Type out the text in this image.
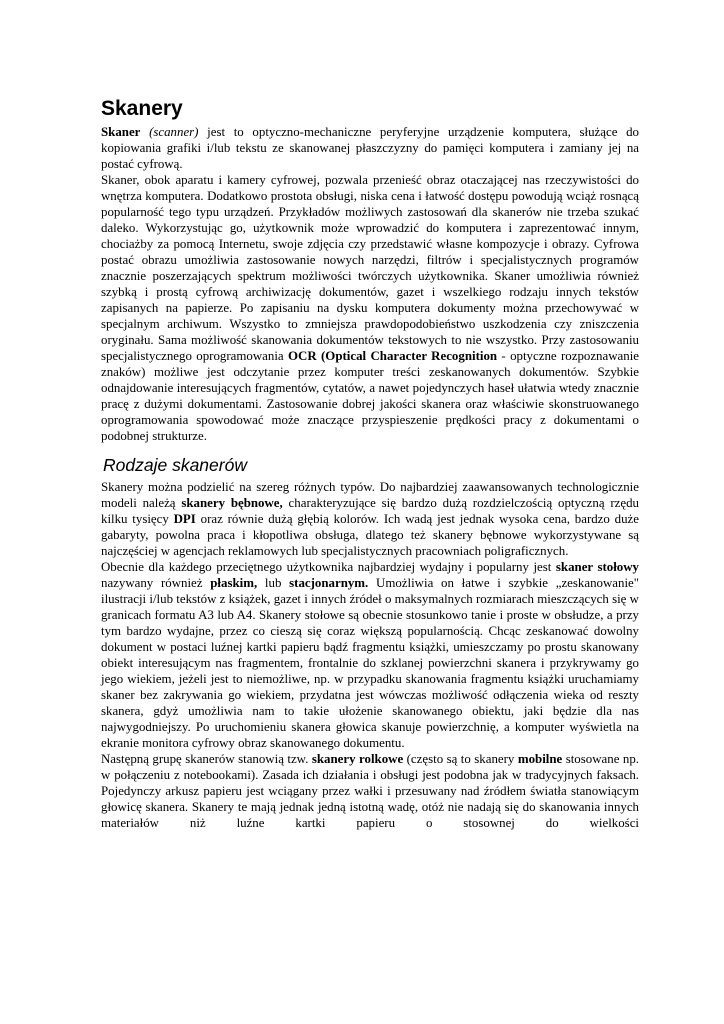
Skanery

Skaner (scanner) jest to optyczno-mechaniczne peryferyjne urządzenie komputera, służące do kopiowania grafiki i/lub tekstu ze skanowanej płaszczyzny do pamięci komputera i zamiany jej na postać cyfrową.

Skaner, obok aparatu i kamery cyfrowej, pozwala przenieść obraz otaczającej nas rzeczywistości do wnętrza komputera. Dodatkowo prostota obsługi, niska cena i łatwość dostępu powodują wciąż rosnącą popularność tego typu urządzeń. Przykładów możliwych zastosowań dla skanerów nie trzeba szukać daleko. Wykorzystując go, użytkownik może wprowadzić do komputera i zaprezentować innym, chociażby za pomocą Internetu, swoje zdjęcia czy przedstawić własne kompozycje i obrazy. Cyfrowa postać obrazu umożliwia zastosowanie nowych narzędzi, filtrów i specjalistycznych programów znacznie poszerzających spektrum możliwości twórczych użytkownika. Skaner umożliwia również szybką i prostą cyfrową archiwizację dokumentów, gazet i wszelkiego rodzaju innych tekstów zapisanych na papierze. Po zapisaniu na dysku komputera dokumenty można przechowywać w specjalnym archiwum. Wszystko to zmniejsza prawdopodobieństwo uszkodzenia czy zniszczenia oryginału. Sama możliwość skanowania dokumentów tekstowych to nie wszystko. Przy zastosowaniu specjalistycznego oprogramowania OCR (Optical Character Recognition - optyczne rozpoznawanie znaków) możliwe jest odczytanie przez komputer treści zeskanowanych dokumentów. Szybkie odnajdowanie interesujących fragmentów, cytatów, a nawet pojedynczych haseł ułatwia wtedy znacznie pracę z dużymi dokumentami. Zastosowanie dobrej jakości skanera oraz właściwie skonstruowanego oprogramowania spowodować może znaczące przyspieszenie prędkości pracy z dokumentami o podobnej strukturze.

Rodzaje skanerów

Skanery można podzielić na szereg różnych typów. Do najbardziej zaawansowanych technologicznie modeli należą skanery bębnowe, charakteryzujące się bardzo dużą rozdzielczością optyczną rzędu kilku tysięcy DPI oraz równie dużą głębią kolorów. Ich wadą jest jednak wysoka cena, bardzo duże gabaryty, powolna praca i kłopotliwa obsługa, dlatego też skanery bębnowe wykorzystywane są najczęściej w agencjach reklamowych lub specjalistycznych pracowniach poligraficznych.

Obecnie dla każdego przeciętnego użytkownika najbardziej wydajny i popularny jest skaner stołowy nazywany również płaskim, lub stacjonarnym. Umożliwia on łatwe i szybkie „zeskanowanie" ilustracji i/lub tekstów z książek, gazet i innych źródeł o maksymalnych rozmiarach mieszczących się w granicach formatu A3 lub A4. Skanery stołowe są obecnie stosunkowo tanie i proste w obsłudze, a przy tym bardzo wydajne, przez co cieszą się coraz większą popularnością. Chcąc zeskanować dowolny dokument w postaci luźnej kartki papieru bądź fragmentu książki, umieszczamy po prostu skanowany obiekt interesującym nas fragmentem, frontalnie do szklanej powierzchni skanera i przykrywamy go jego wiekiem, jeżeli jest to niemożliwe, np. w przypadku skanowania fragmentu książki uruchamiamy skaner bez zakrywania go wiekiem, przydatna jest wówczas możliwość odłączenia wieka od reszty skanera, gdyż umożliwia nam to takie ułożenie skanowanego obiektu, jaki będzie dla nas najwygodniejszy. Po uruchomieniu skanera głowica skanuje powierzchnię, a komputer wyświetla na ekranie monitora cyfrowy obraz skanowanego dokumentu.

Następną grupę skanerów stanowią tzw. skanery rolkowe (często są to skanery mobilne stosowane np. w połączeniu z notebookami). Zasada ich działania i obsługi jest podobna jak w tradycyjnych faksach. Pojedynczy arkusz papieru jest wciągany przez wałki i przesuwany nad źródłem światła stanowiącym głowicę skanera. Skanery te mają jednak jedną istotną wadę, otóż nie nadają się do skanowania innych materiałów niż luźne kartki papieru o stosownej do wielkości
